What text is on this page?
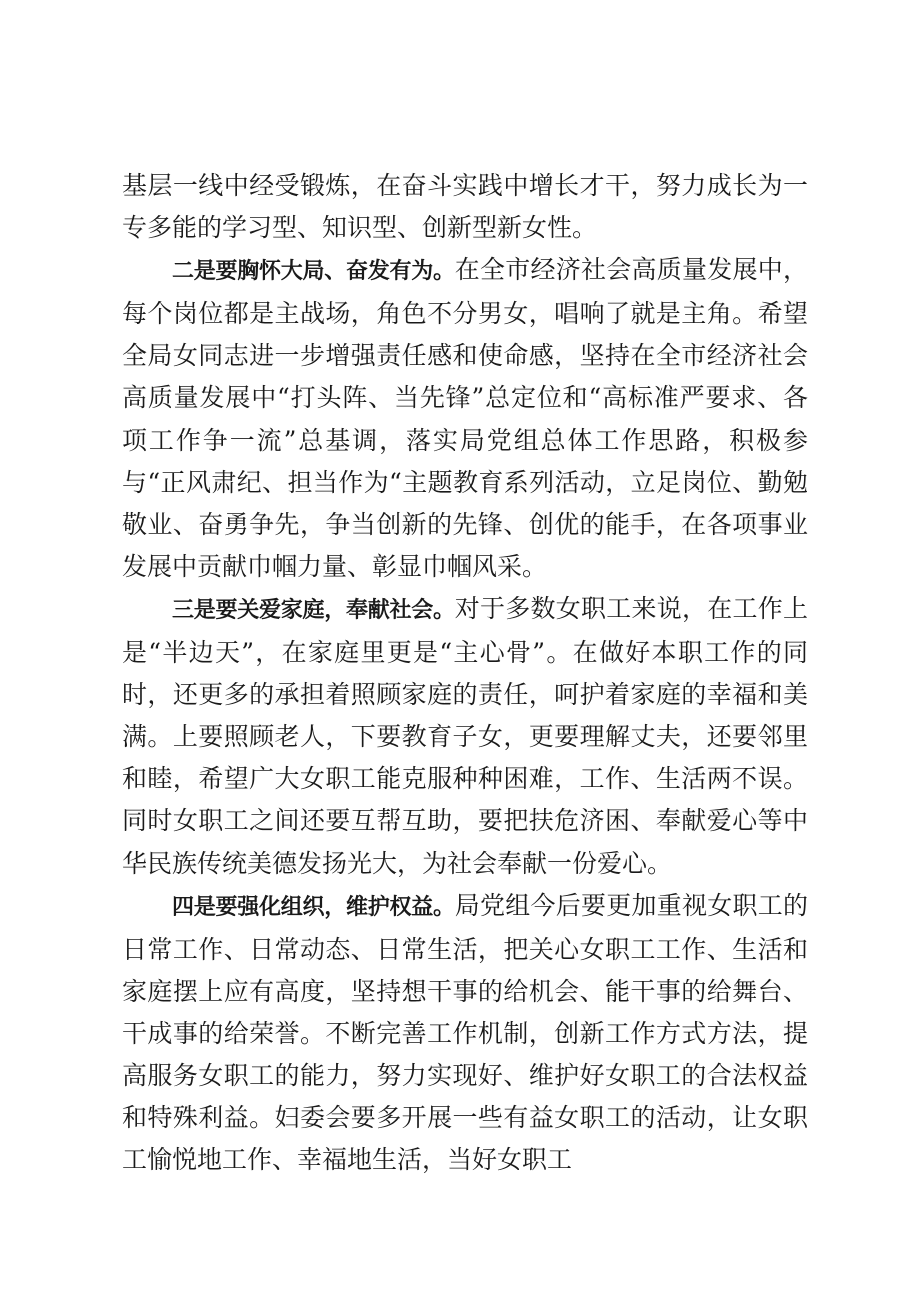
基层一线中经受锻炼，在奋斗实践中增长才干，努力成长为一专多能的学习型、知识型、创新型新女性。

二是要胸怀大局、奋发有为。在全市经济社会高质量发展中，每个岗位都是主战场，角色不分男女，唱响了就是主角。希望全局女同志进一步增强责任感和使命感，坚持在全市经济社会高质量发展中“打头阵、当先锋”总定位和“高标准严要求、各项工作争一流”总基调，落实局党组总体工作思路，积极参与“正风肃纪、担当作为“主题教育系列活动，立足岗位、勤勉敬业、奋勇争先，争当创新的先锋、创优的能手，在各项事业发展中贡献巾帼力量、彰显巾帼风采。

三是要关爱家庭，奉献社会。对于多数女职工来说，在工作上是“半边天”，在家庭里更是“主心骨”。在做好本职工作的同时，还更多的承担着照顾家庭的责任，呵护着家庭的幸福和美满。上要照顾老人，下要教育子女，更要理解丈夫，还要邻里和睦，希望广大女职工能克服种种困难，工作、生活两不误。同时女职工之间还要互帮互助，要把扶危济困、奉献爱心等中华民族传统美德发扬光大，为社会奉献一份爱心。

四是要强化组织，维护权益。局党组今后要更加重视女职工的日常工作、日常动态、日常生活，把关心女职工工作、生活和家庭摆上应有高度，坚持想干事的给机会、能干事的给舞台、干成事的给荣誉。不断完善工作机制，创新工作方式方法，提高服务女职工的能力，努力实现好、维护好女职工的合法权益和特殊利益。妇委会要多开展一些有益女职工的活动，让女职工愉悦地工作、幸福地生活，当好女职工
